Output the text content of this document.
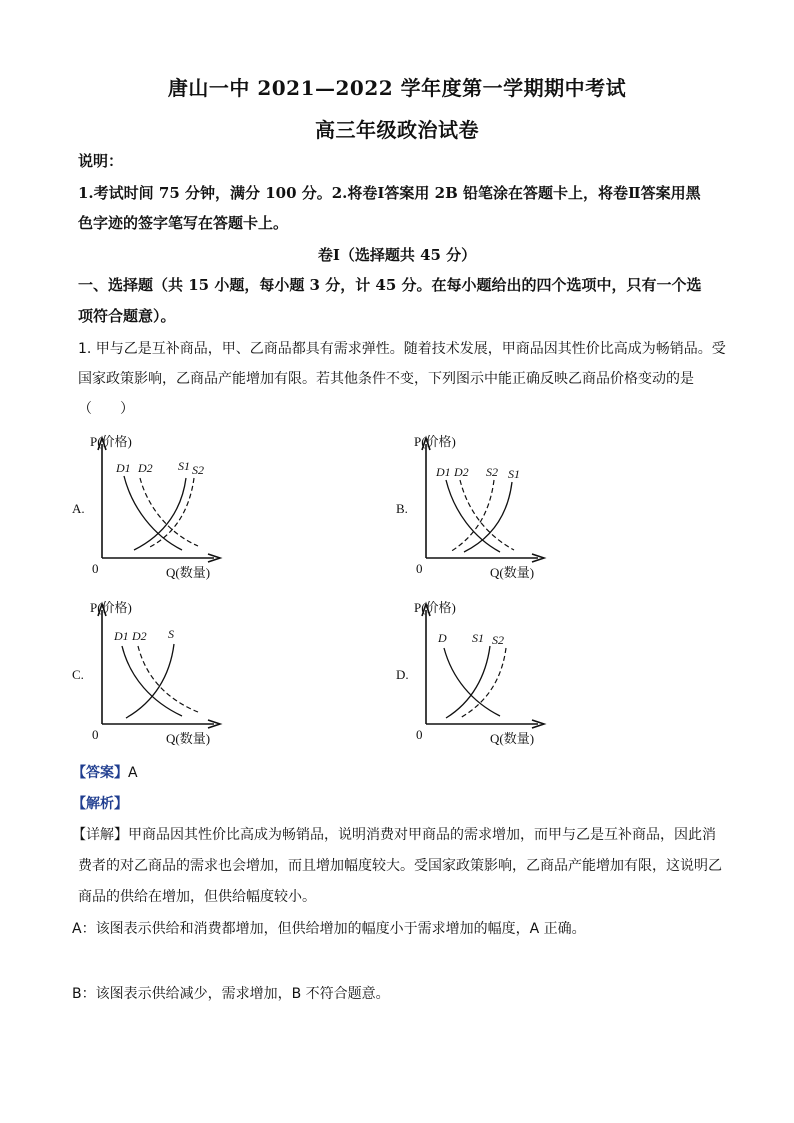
唐山一中 2021—2022 学年度第一学期期中考试
高三年级政治试卷
说明：
1.考试时间 75 分钟，满分 100 分。2.将卷Ⅰ答案用 2B 铅笔涂在答题卡上，将卷Ⅱ答案用黑
色字迹的签字笔写在答题卡上。
卷Ⅰ（选择题共 45 分）
一、选择题（共 15 小题，每小题 3 分，计 45 分。在每小题给出的四个选项中，只有一个选
项符合题意）。
1. 甲与乙是互补商品，甲、乙商品都具有需求弹性。随着技术发展，甲商品因其性价比高成为畅销品。受
国家政策影响，乙商品产能增加有限。若其他条件不变，下列图示中能正确反映乙商品价格变动的是
（　　）
A.
P(价格)
0	Q(数量)
D1 D2 S1 S2
B.
P(价格)
0	Q(数量)
D1 D2 S2 S1
C.
P(价格)
0	Q(数量)
D1 D2 S
D.
P(价格)
0	Q(数量)
D S1 S2
【答案】A
【解析】
【详解】甲商品因其性价比高成为畅销品，说明消费对甲商品的需求增加，而甲与乙是互补商品，因此消
费者的对乙商品的需求也会增加，而且增加幅度较大。受国家政策影响，乙商品产能增加有限，这说明乙
商品的供给在增加，但供给幅度较小。
A：该图表示供给和消费都增加，但供给增加的幅度小于需求增加的幅度，A 正确。
B：该图表示供给减少，需求增加，B 不符合题意。
